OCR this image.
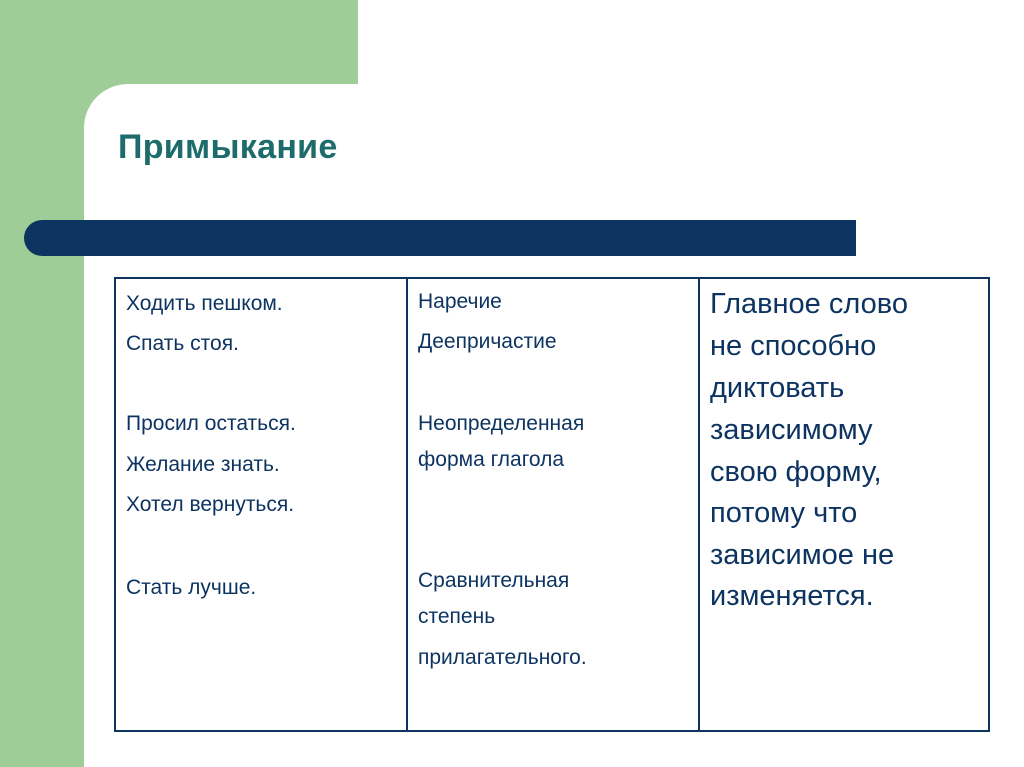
Примыкание

Ходить пешком.

Спать стоя.

Просил остаться.

Желание знать.

Хотел вернуться.

Стать лучше.

Наречие

Деепричастие

Неопределенная

форма глагола

Сравнительная

степень

прилагательного.

Главное слово

не способно

диктовать

зависимому

свою форму,

потому что

зависимое не

изменяется.
